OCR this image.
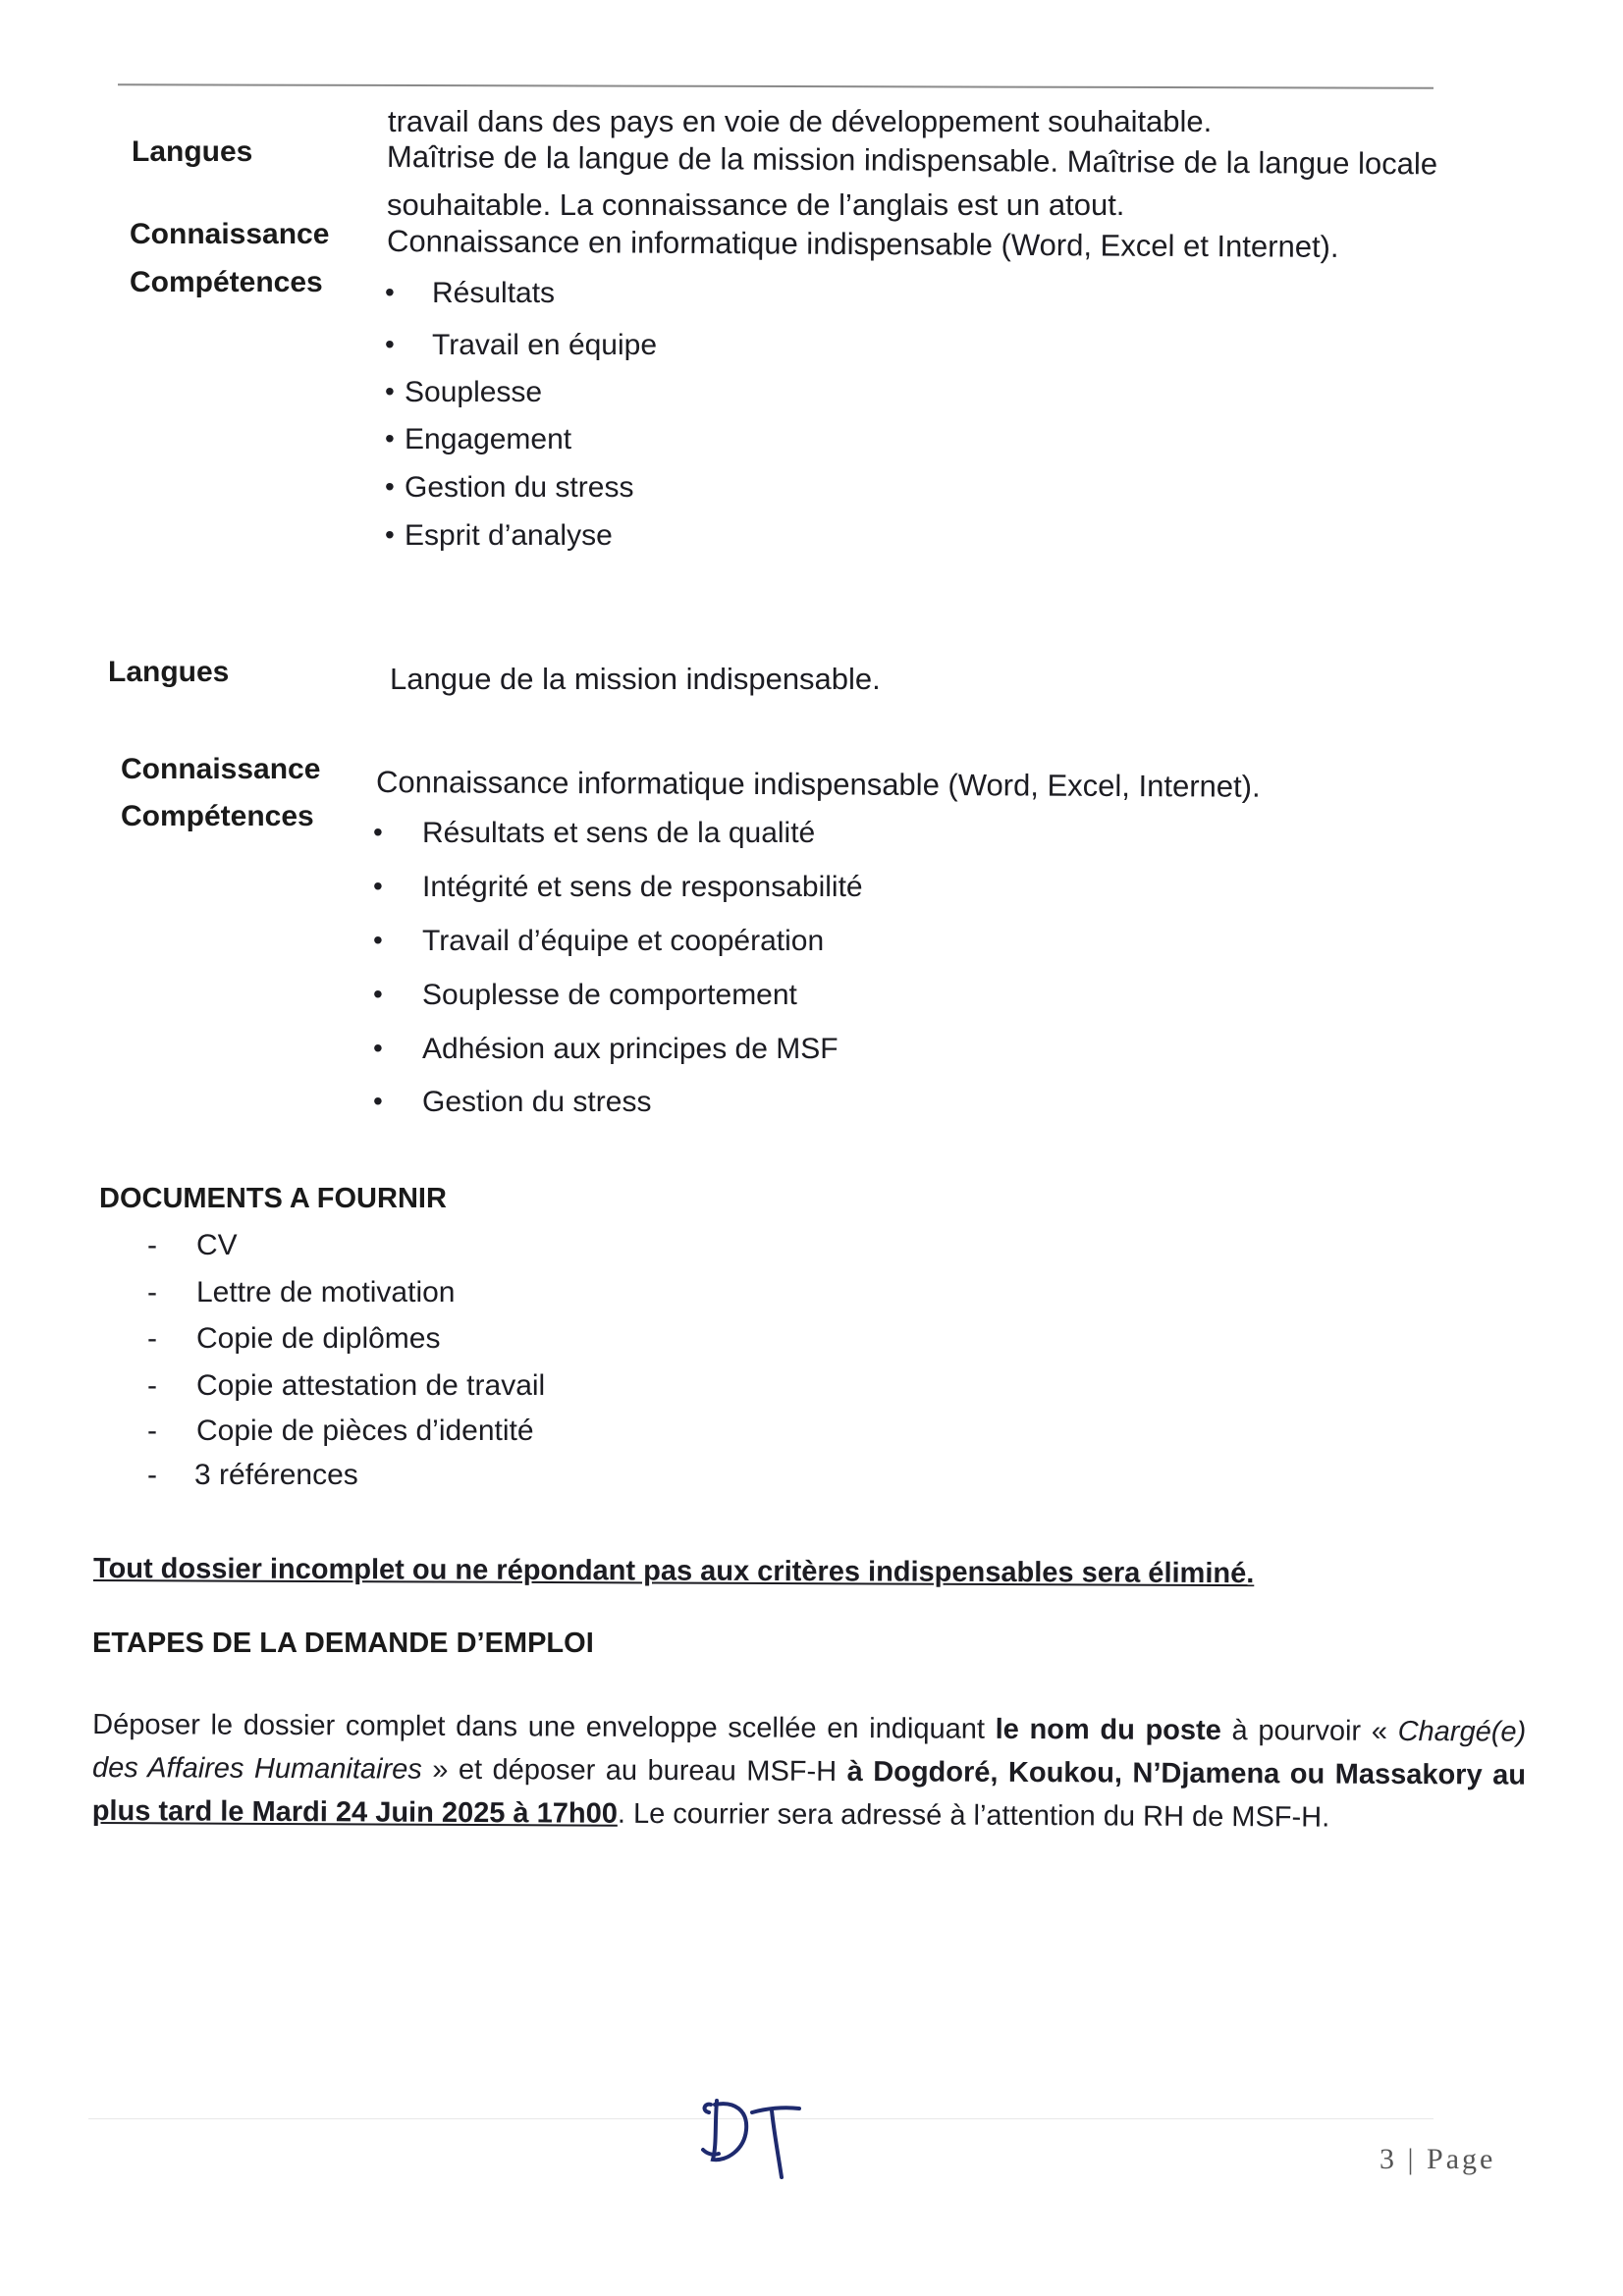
travail dans des pays en voie de développement souhaitable.
Langues	Maîtrise de la langue de la mission indispensable. Maîtrise de la langue locale
souhaitable. La connaissance de l’anglais est un atout.
Connaissance Connaissance en informatique indispensable (Word, Excel et Internet).
Compétences • Résultats
• Travail en équipe
• Souplesse
• Engagement
• Gestion du stress
• Esprit d’analyse
Langues	Langue de la mission indispensable.
Connaissance Connaissance informatique indispensable (Word, Excel, Internet).
Compétences • Résultats et sens de la qualité
• Intégrité et sens de responsabilité
• Travail d’équipe et coopération
• Souplesse de comportement
• Adhésion aux principes de MSF
• Gestion du stress
DOCUMENTS A FOURNIR
- CV
- Lettre de motivation
- Copie de diplômes
- Copie attestation de travail
- Copie de pièces d’identité
- 3 références
Tout dossier incomplet ou ne répondant pas aux critères indispensables sera éliminé.
ETAPES DE LA DEMANDE D’EMPLOI
Déposer le dossier complet dans une enveloppe scellée en indiquant le nom du poste à pourvoir « Chargé(e) des Affaires Humanitaires » et déposer au bureau MSF-H à Dogdoré, Koukou, N’Djamena ou Massakory au plus tard le Mardi 24 Juin 2025 à 17h00. Le courrier sera adressé à l’attention du RH de MSF-H.
3 | Page
